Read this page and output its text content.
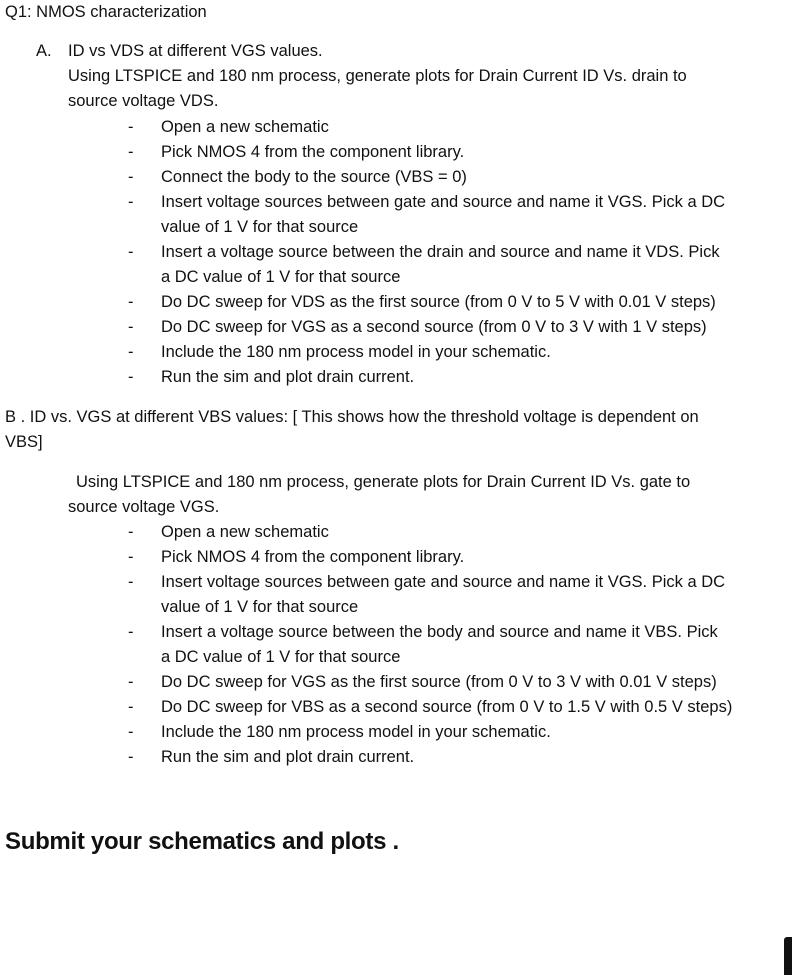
Q1: NMOS characterization
A. ID vs VDS at different VGS values.
Using LTSPICE and 180 nm process, generate plots for Drain Current ID Vs. drain to
source voltage VDS.
- Open a new schematic
- Pick NMOS 4 from the component library.
- Connect the body to the source (VBS = 0)
- Insert voltage sources between gate and source and name it VGS. Pick a DC
value of 1 V for that source
- Insert a voltage source between the drain and source and name it VDS. Pick
a DC value of 1 V for that source
- Do DC sweep for VDS as the first source (from 0 V to 5 V with 0.01 V steps)
- Do DC sweep for VGS as a second source (from 0 V to 3 V with 1 V steps)
- Include the 180 nm process model in your schematic.
- Run the sim and plot drain current.
B . ID vs. VGS at different VBS values: [ This shows how the threshold voltage is dependent on
VBS]
Using LTSPICE and 180 nm process, generate plots for Drain Current ID Vs. gate to
source voltage VGS.
- Open a new schematic
- Pick NMOS 4 from the component library.
- Insert voltage sources between gate and source and name it VGS. Pick a DC
value of 1 V for that source
- Insert a voltage source between the body and source and name it VBS. Pick
a DC value of 1 V for that source
- Do DC sweep for VGS as the first source (from 0 V to 3 V with 0.01 V steps)
- Do DC sweep for VBS as a second source (from 0 V to 1.5 V with 0.5 V steps)
- Include the 180 nm process model in your schematic.
- Run the sim and plot drain current.
Submit your schematics and plots .
